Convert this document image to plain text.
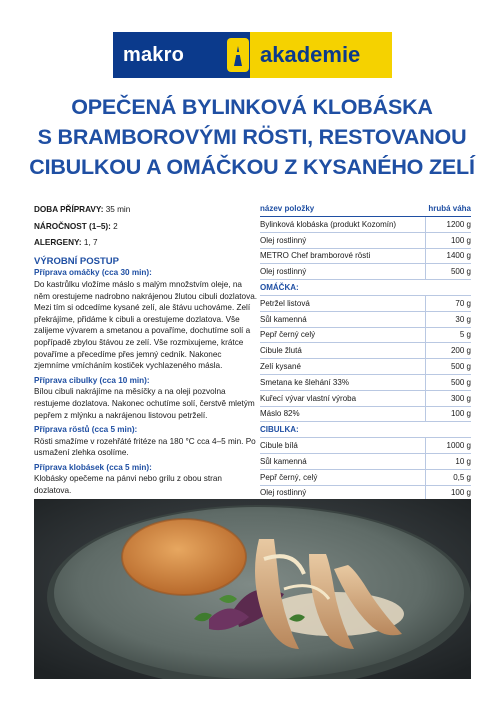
makro	akademie
OPEČENÁ BYLINKOVÁ KLOBÁSKA
S BRAMBOROVÝMI RÖSTI, RESTOVANOU
CIBULKOU A OMÁČKOU Z KYSANÉHO ZELÍ
DOBA PŘÍPRAVY: 35 min
NÁROČNOST (1–5): 2
ALERGENY: 1, 7
VÝROBNÍ POSTUP
Příprava omáčky (cca 30 min):
Do kastrůlku vložíme máslo s malým množstvím oleje, na něm orestujeme nadrobno nakrájenou žlutou cibuli dozlatova. Mezi tím si odcedíme kysané zelí, ale štávu uchováme. Zelí překrájíme, přidáme k cibuli a orestujeme dozlatova. Vše zalijeme vývarem a smetanou a povaříme, dochutíme solí a popřípadě zbylou štávou ze zelí. Vše rozmixujeme, krátce povaříme a přecedíme přes jemný cedník. Nakonec zjemníme vmícháním kostiček vychlazeného másla.
Příprava cibulky (cca 10 min):
Bílou cibuli nakrájíme na měsíčky a na oleji pozvolna restujeme dozlatova. Nakonec ochutíme solí, čerstvě mletým pepřem z mlýnku a nakrájenou listovou petrželí.
Příprava röstů (cca 5 min):
Rösti smažíme v rozehřáté fritéze na 180 °C cca 4–5 min. Po usmažení zlehka osolíme.
Příprava klobásek (cca 5 min):
Klobásky opečeme na pánvi nebo grilu z obou stran dozlatova.
název položky	hrubá váha
Bylinková klobáska (produkt Kozomín)	1200 g
Olej rostlinný	100 g
METRO Chef bramborové rösti	1400 g
Olej rostlinný	500 g
OMÁČKA:
Petržel listová	70 g
Sůl kamenná	30 g
Pepř černý celý	5 g
Cibule žlutá	200 g
Zelí kysané	500 g
Smetana ke šlehání 33%	500 g
Kuřecí vývar vlastní výroba	300 g
Máslo 82%	100 g
CIBULKA:
Cibule bílá	1000 g
Sůl kamenná	10 g
Pepř černý, celý	0,5 g
Olej rostlinný	100 g
